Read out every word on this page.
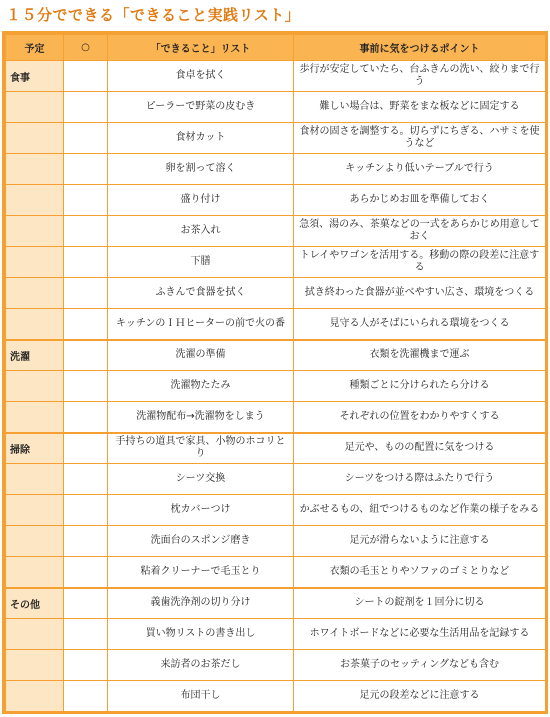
１５分でできる「できること実践リスト」
予定	○	「できること」リスト	事前に気をつけるポイント
食事		食卓を拭く	歩行が安定していたら、台ふきんの洗い、絞りまで行う
		ピーラーで野菜の皮むき	難しい場合は、野菜をまな板などに固定する
		食材カット	食材の固さを調整する。切らずにちぎる、ハサミを使うなど
		卵を割って溶く	キッチンより低いテーブルで行う
		盛り付け	あらかじめお皿を準備しておく
		お茶入れ	急須、湯のみ、茶菓などの一式をあらかじめ用意しておく
		下膳	トレイやワゴンを活用する。移動の際の段差に注意する
		ふきんで食器を拭く	拭き終わった食器が並べやすい広さ、環境をつくる
		キッチンのＩＨヒーターの前で火の番	見守る人がそばにいられる環境をつくる
洗濯		洗濯の準備	衣類を洗濯機まで運ぶ
		洗濯物たたみ	種類ごとに分けられたら分ける
		洗濯物配布→洗濯物をしまう	それぞれの位置をわかりやすくする
掃除		手持ちの道具で家具、小物のホコリとり	足元や、ものの配置に気をつける
		シーツ交換	シーツをつける際はふたりで行う
		枕カバーつけ	かぶせるもの、紐でつけるものなど作業の様子をみる
		洗面台のスポンジ磨き	足元が滑らないように注意する
		粘着クリーナーで毛玉とり	衣類の毛玉とりやソファのゴミとりなど
その他		義歯洗浄剤の切り分け	シートの錠剤を１回分に切る
		買い物リストの書き出し	ホワイトボードなどに必要な生活用品を記録する
		来訪者のお茶だし	お茶菓子のセッティングなども含む
		布団干し	足元の段差などに注意する
